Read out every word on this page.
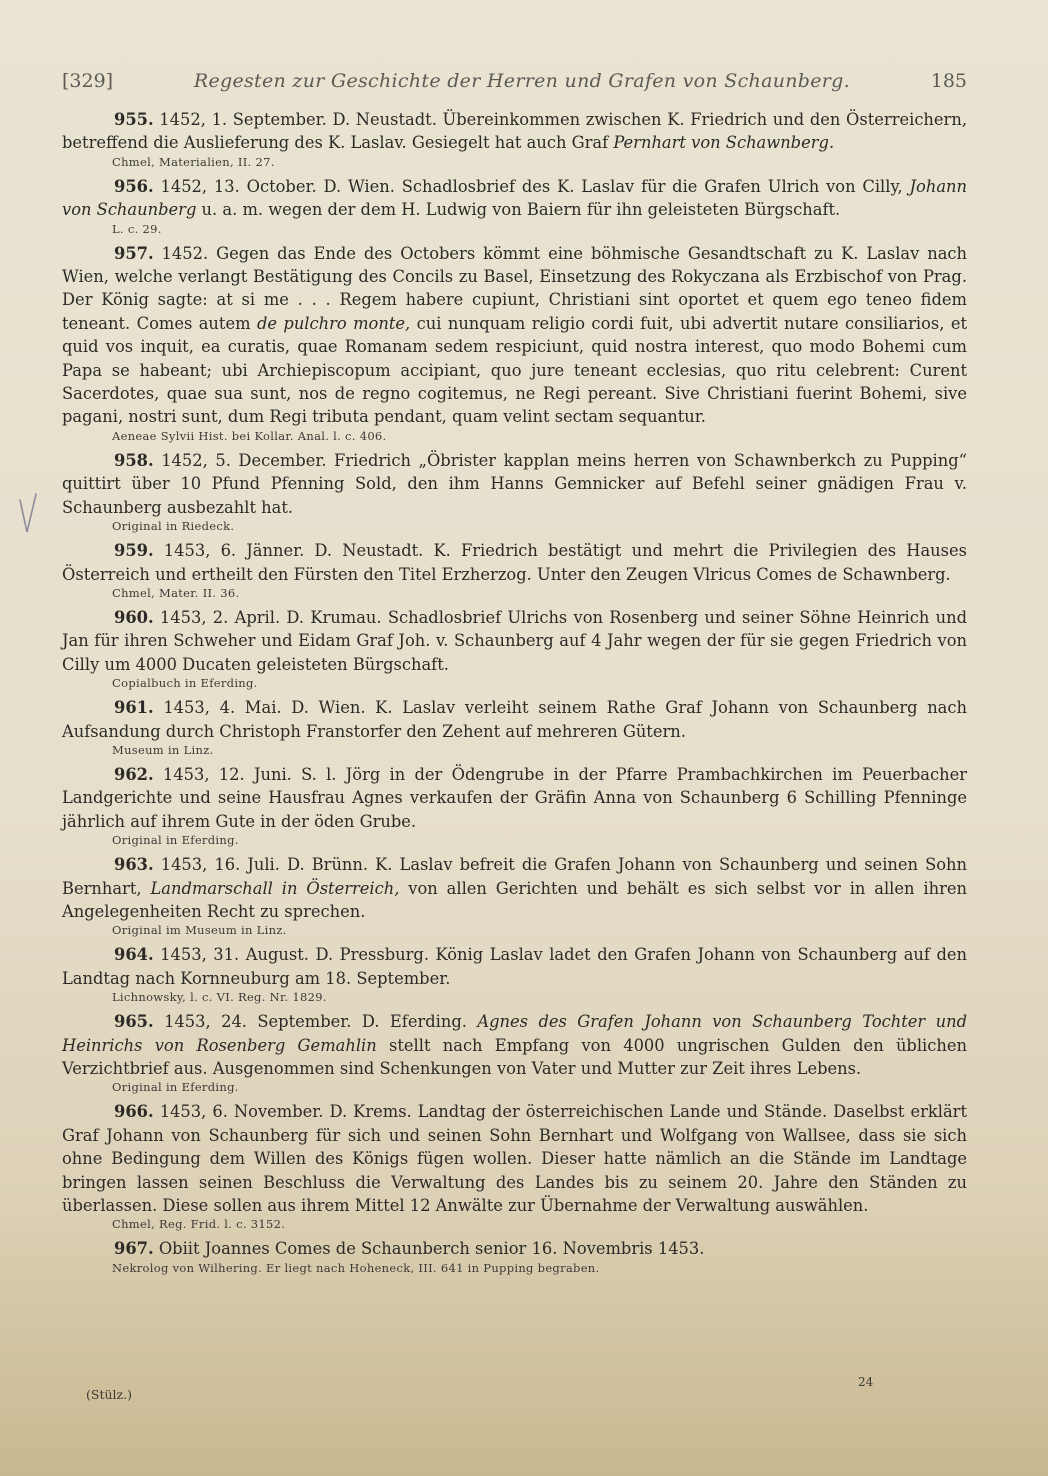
[329]	Regesten zur Geschichte der Herren und Grafen von Schaunberg.	185

955. 1452, 1. September. D. Neustadt. Übereinkommen zwischen K. Friedrich und den Österreichern, betreffend die Auslieferung des K. Laslav. Gesiegelt hat auch Graf Pernhart von Schawnberg.

Chmel, Materialien, II. 27.

956. 1452, 13. October. D. Wien. Schadlosbrief des K. Laslav für die Grafen Ulrich von Cilly, Johann von Schaunberg u. a. m. wegen der dem H. Ludwig von Baiern für ihn geleisteten Bürgschaft.

L. c. 29.

957. 1452. Gegen das Ende des Octobers kömmt eine böhmische Gesandtschaft zu K. Laslav nach Wien, welche verlangt Bestätigung des Concils zu Basel, Einsetzung des Rokyczana als Erzbischof von Prag. Der König sagte: at si me . . . Regem habere cupiunt, Christiani sint oportet et quem ego teneo fidem teneant. Comes autem de pulchro monte, cui nunquam religio cordi fuit, ubi advertit nutare consiliarios, et quid vos inquit, ea curatis, quae Romanam sedem respiciunt, quid nostra interest, quo modo Bohemi cum Papa se habeant; ubi Archiepiscopum accipiant, quo jure teneant ecclesias, quo ritu celebrent: Curent Sacerdotes, quae sua sunt, nos de regno cogitemus, ne Regi pereant. Sive Christiani fuerint Bohemi, sive pagani, nostri sunt, dum Regi tributa pendant, quam velint sectam sequantur.

Aeneae Sylvii Hist. bei Kollar. Anal. l. c. 406.

958. 1452, 5. December. Friedrich „Öbrister kapplan meins herren von Schawnberkch zu Pupping“ quittirt über 10 Pfund Pfenning Sold, den ihm Hanns Gemnicker auf Befehl seiner gnädigen Frau v. Schaunberg ausbezahlt hat.

Original in Riedeck.

959. 1453, 6. Jänner. D. Neustadt. K. Friedrich bestätigt und mehrt die Privilegien des Hauses Österreich und ertheilt den Fürsten den Titel Erzherzog. Unter den Zeugen Vlricus Comes de Schawnberg.

Chmel, Mater. II. 36.

960. 1453, 2. April. D. Krumau. Schadlosbrief Ulrichs von Rosenberg und seiner Söhne Heinrich und Jan für ihren Schweher und Eidam Graf Joh. v. Schaunberg auf 4 Jahr wegen der für sie gegen Friedrich von Cilly um 4000 Ducaten geleisteten Bürgschaft.

Copialbuch in Eferding.

961. 1453, 4. Mai. D. Wien. K. Laslav verleiht seinem Rathe Graf Johann von Schaunberg nach Aufsandung durch Christoph Franstorfer den Zehent auf mehreren Gütern.

Museum in Linz.

962. 1453, 12. Juni. S. l. Jörg in der Ödengrube in der Pfarre Prambachkirchen im Peuerbacher Landgerichte und seine Hausfrau Agnes verkaufen der Gräfin Anna von Schaunberg 6 Schilling Pfenninge jährlich auf ihrem Gute in der öden Grube.

Original in Eferding.

963. 1453, 16. Juli. D. Brünn. K. Laslav befreit die Grafen Johann von Schaunberg und seinen Sohn Bernhart, Landmarschall in Österreich, von allen Gerichten und behält es sich selbst vor in allen ihren Angelegenheiten Recht zu sprechen.

Original im Museum in Linz.

964. 1453, 31. August. D. Pressburg. König Laslav ladet den Grafen Johann von Schaunberg auf den Landtag nach Kornneuburg am 18. September.

Lichnowsky, l. c. VI. Reg. Nr. 1829.

965. 1453, 24. September. D. Eferding. Agnes des Grafen Johann von Schaunberg Tochter und Heinrichs von Rosenberg Gemahlin stellt nach Empfang von 4000 ungrischen Gulden den üblichen Verzichtbrief aus. Ausgenommen sind Schenkungen von Vater und Mutter zur Zeit ihres Lebens.

Original in Eferding.

966. 1453, 6. November. D. Krems. Landtag der österreichischen Lande und Stände. Daselbst erklärt Graf Johann von Schaunberg für sich und seinen Sohn Bernhart und Wolfgang von Wallsee, dass sie sich ohne Bedingung dem Willen des Königs fügen wollen. Dieser hatte nämlich an die Stände im Landtage bringen lassen seinen Beschluss die Verwaltung des Landes bis zu seinem 20. Jahre den Ständen zu überlassen. Diese sollen aus ihrem Mittel 12 Anwälte zur Übernahme der Verwaltung auswählen.

Chmel, Reg. Frid. l. c. 3152.

967. Obiit Joannes Comes de Schaunberch senior 16. Novembris 1453.

Nekrolog von Wilhering. Er liegt nach Hoheneck, III. 641 in Pupping begraben.
(Stülz.)
24
